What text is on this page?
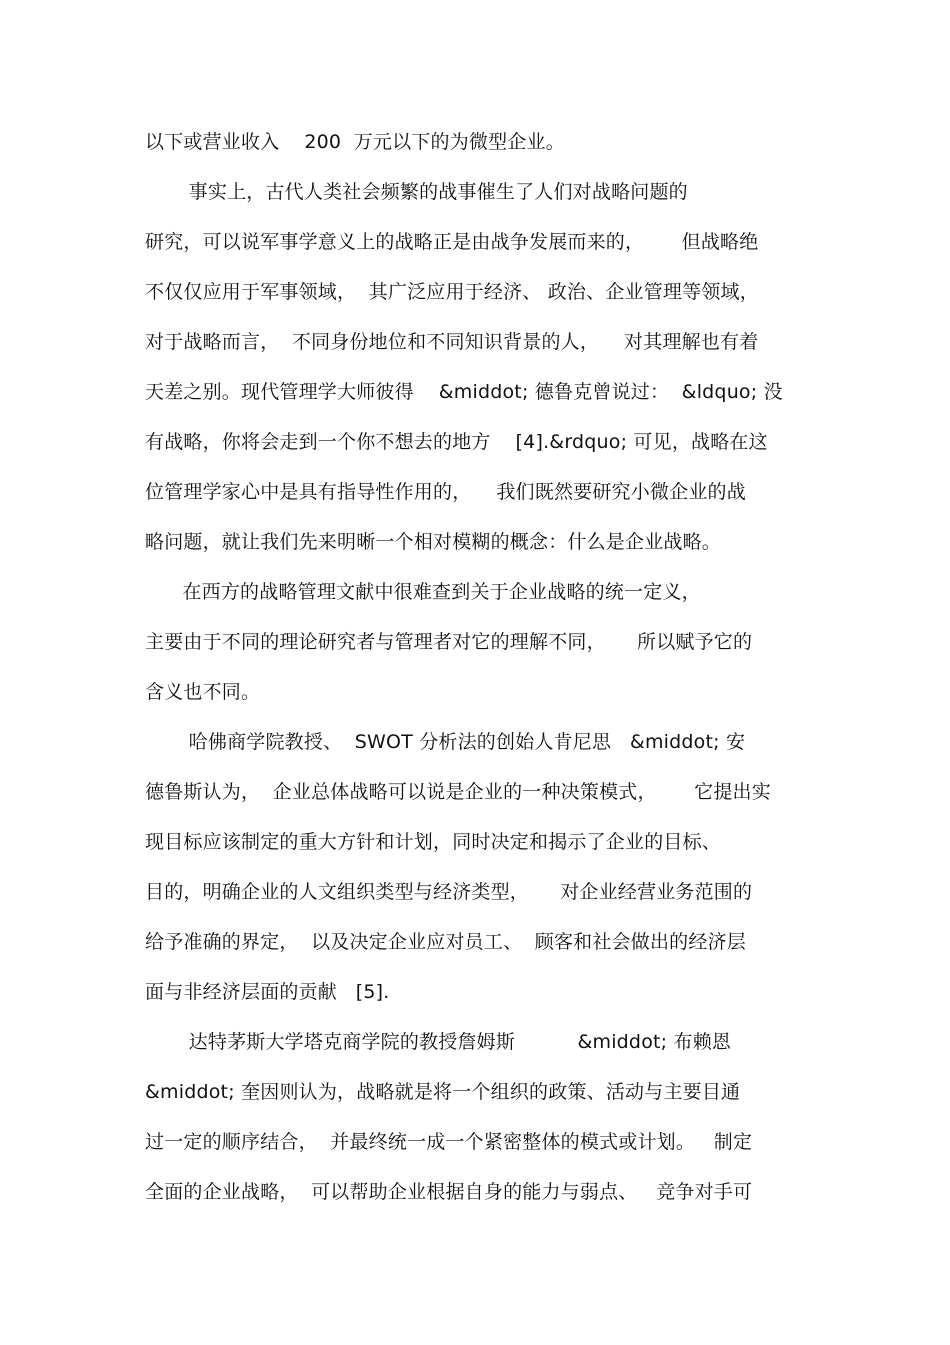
以下或营业收入    200  万元以下的为微型企业。
事实上，古代人类社会频繁的战事催生了人们对战略问题的
研究，可以说军事学意义上的战略正是由战争发展而来的，      但战略绝
不仅仅应用于军事领域，  其广泛应用于经济、 政治、企业管理等领域，
对于战略而言，  不同身份地位和不同知识背景的人，    对其理解也有着
天差之别。现代管理学大师彼得    &middot; 德鲁克曾说过：  &ldquo; 没
有战略，你将会走到一个你不想去的地方    [4].&rdquo; 可见，战略在这
位管理学家心中是具有指导性作用的，    我们既然要研究小微企业的战
略问题，就让我们先来明晰一个相对模糊的概念：什么是企业战略。
在西方的战略管理文献中很难查到关于企业战略的统一定义，
主要由于不同的理论研究者与管理者对它的理解不同，     所以赋予它的
含义也不同。
哈佛商学院教授、  SWOT 分析法的创始人肯尼思   &middot; 安
德鲁斯认为，  企业总体战略可以说是企业的一种决策模式，      它提出实
现目标应该制定的重大方针和计划，同时决定和揭示了企业的目标、
目的，明确企业的人文组织类型与经济类型，     对企业经营业务范围的
给予准确的界定，  以及决定企业应对员工、  顾客和社会做出的经济层
面与非经济层面的贡献   [5].
达特茅斯大学塔克商学院的教授詹姆斯          &middot; 布赖恩
&middot; 奎因则认为，战略就是将一个组织的政策、活动与主要目通
过一定的顺序结合，  并最终统一成一个紧密整体的模式或计划。   制定
全面的企业战略，  可以帮助企业根据自身的能力与弱点、   竞争对手可
